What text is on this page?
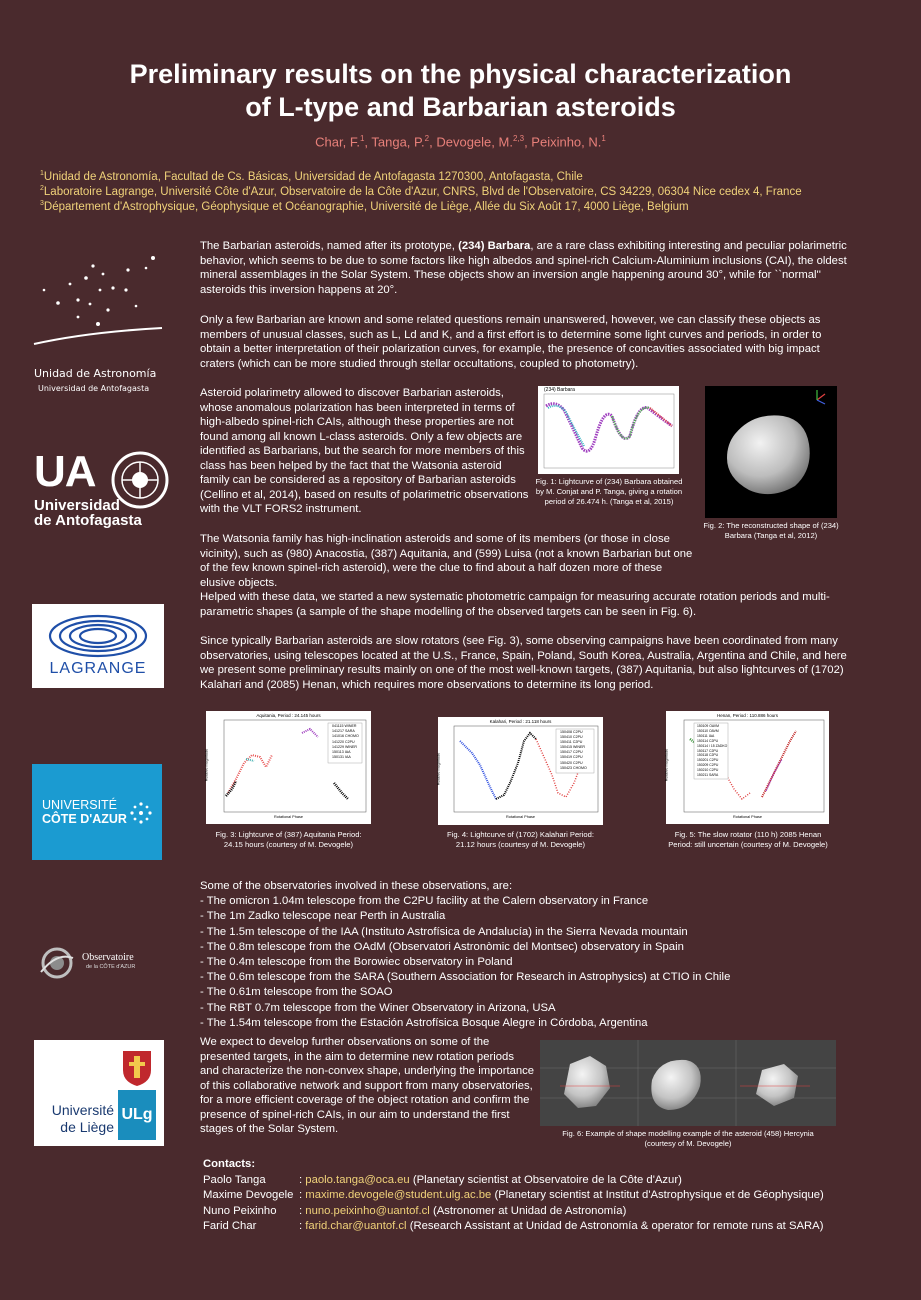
Preliminary results on the physical characterization
of L-type and Barbarian asteroids
Char, F.$^1$, Tanga, P.$^2$, Devogele, M.$^{2,3}$, Peixinho, N.$^1$
$^1$Unidad de Astronomía, Facultad de Cs. Básicas, Universidad de Antofagasta 1270300, Antofagasta, Chile
$^2$Laboratoire Lagrange, Université Côte d'Azur, Observatoire de la Côte d'Azur, CNRS, Blvd de l'Observatoire, CS 34229, 06304 Nice cedex 4, France
$^3$Département d'Astrophysique, Géophysique et Océanographie, Université de Liège, Allée du Six Août 17, 4000 Liège, Belgium
Unidad de Astronomía
Universidad de Antofagasta
UA
Universidad
de Antofagasta
LAGRANGE
UNIVERSITÉ
CÔTE D'AZUR
Observatoire
de la CÔTE d'AZUR
Université
de Liège
ULg
The Barbarian asteroids, named after its prototype, (234) Barbara, are a rare class exhibiting interesting and peculiar polarimetric behavior, which seems to be due to some factors like high albedos and spinel-rich Calcium-Aluminium inclusions (CAI), the oldest mineral assemblages in the Solar System. These objects show an inversion angle happening around 30°, while for ``normal'' asteroids this inversion happens at 20°.
Only a few Barbarian are known and some related questions remain unanswered, however, we can classify these objects as members of unusual classes, such as L, Ld and K, and a first effort is to determine some light curves and periods, in order to obtain a better interpretation of their polarization curves, for example, the presence of concavities associated with big impact craters (which can be more studied through stellar occultations, coupled to photometry).
Asteroid polarimetry allowed to discover Barbarian asteroids, whose anomalous polarization has been interpreted in terms of high-albedo spinel-rich CAIs, although these properties are not found among all known L-class asteroids. Only a few objects are identified as Barbarians, but the search for more members of this class has been helped by the fact that the Watsonia asteroid family can be considered as a repository of Barbarian asteroids (Cellino et al, 2014), based on results of polarimetric observations with the VLT FORS2 instrument.
(234) Barbara
Fig. 1: Lightcurve of (234) Barbara obtained by M. Conjat and P. Tanga, giving a rotation period of 26.474 h. (Tanga et al, 2015)
Fig. 2: The reconstructed shape of (234) Barbara (Tanga et al, 2012)
The Watsonia family has high-inclination asteroids and some of its members (or those in close vicinity), such as (980) Anacostia, (387) Aquitania, and (599) Luisa (not a known Barbarian but one of the few known spinel-rich asteroid), were the clue to find about a half dozen more of these elusive objects.
Helped with these data, we started a new systematic photometric campaign for measuring accurate rotation periods and multi-parametric shapes (a sample of the shape modelling of the observed targets can be seen in Fig. 6).
Since typically Barbarian asteroids are slow rotators (see Fig. 3), some observing campaigns have been coordinated from many observatories, using telescopes located at the U.S., France, Spain, Poland, South Korea, Australia, Argentina and Chile, and here we present some preliminary results mainly on one of the most well-known targets, (387) Aquitania, but also lightcurves of (1702) Kalahari and (2085) Henan, which requires more observations to determine its long period.
Aquitania, Period : 24.145 hours
041115 WINER
141217 SARA
141016 CHOMO
141220 C2PU
141229 WINER
150113 IAA
150131 IAA
Rotational Phase
Relative magnitude
Fig. 3: Lightcurve of (387) Aquitania Period: 24.15 hours (courtesy of M. Devogele)
Kalahari, Period : 21.118 hours
150408 C2PU
150410 C2PU
150411 C2PU
150415 WINER
150417 C2PU
150419 C2PU
150420 C2PU
150423 CHOMO
Rotational Phase
Relative magnitude
Fig. 4: Lightcurve of (1702) Kalahari Period: 21.12 hours (courtesy of M. Devogele)
Henan, Period : 110.886 hours
150109 OAVM
150110 OAVM
150111 IAA
150114 C2PU
150114 / 15 ZADKO
150117 C2PU
150118 C2PU
150201 C2PU
150209 C2PU
150210 C2PU
150211 SARA
Rotational Phase
Relative magnitude
Fig. 5: The slow rotator (110 h) 2085 Henan Period: still uncertain (courtesy of M. Devogele)
Some of the observatories involved in these observations, are:
- The omicron 1.04m telescope from the C2PU facility at the Calern observatory in France
- The 1m Zadko telescope near Perth in Australia
- The 1.5m telescope of the IAA (Instituto Astrofísica de Andalucía) in the Sierra Nevada mountain
- The 0.8m telescope from the OAdM (Observatori Astronòmic del Montsec) observatory in Spain
- The 0.4m telescope from the Borowiec observatory in Poland
- The 0.6m telescope from the SARA (Southern Association for Research in Astrophysics) at CTIO in Chile
- The 0.61m telescope from the SOAO
- The RBT 0.7m telescope from the Winer Observatory in Arizona, USA
- The 1.54m telescope from the Estación Astrofísica Bosque Alegre in Córdoba, Argentina
We expect to develop further observations on some of the presented targets, in the aim to determine new rotation periods and characterize the non-convex shape, underlying the importance of this collaborative network and support from many observatories, for a more efficient coverage of the object rotation and confirm the presence of spinel-rich CAIs, in our aim to understand the first stages of the Solar System.	Fig. 6: Example of shape modelling example of the asteroid (458) Hercynia (courtesy of M. Devogele)
Contacts:
Paolo Tanga	: paolo.tanga@oca.eu (Planetary scientist at Observatoire de la Côte d'Azur)
Maxime Devogele : maxime.devogele@student.ulg.ac.be (Planetary scientist at Institut d'Astrophysique et de Géophysique)
Nuno Peixinho : nuno.peixinho@uantof.cl (Astronomer at Unidad de Astronomía)
Farid Char	: farid.char@uantof.cl (Research Assistant at Unidad de Astronomía & operator for remote runs at SARA)
